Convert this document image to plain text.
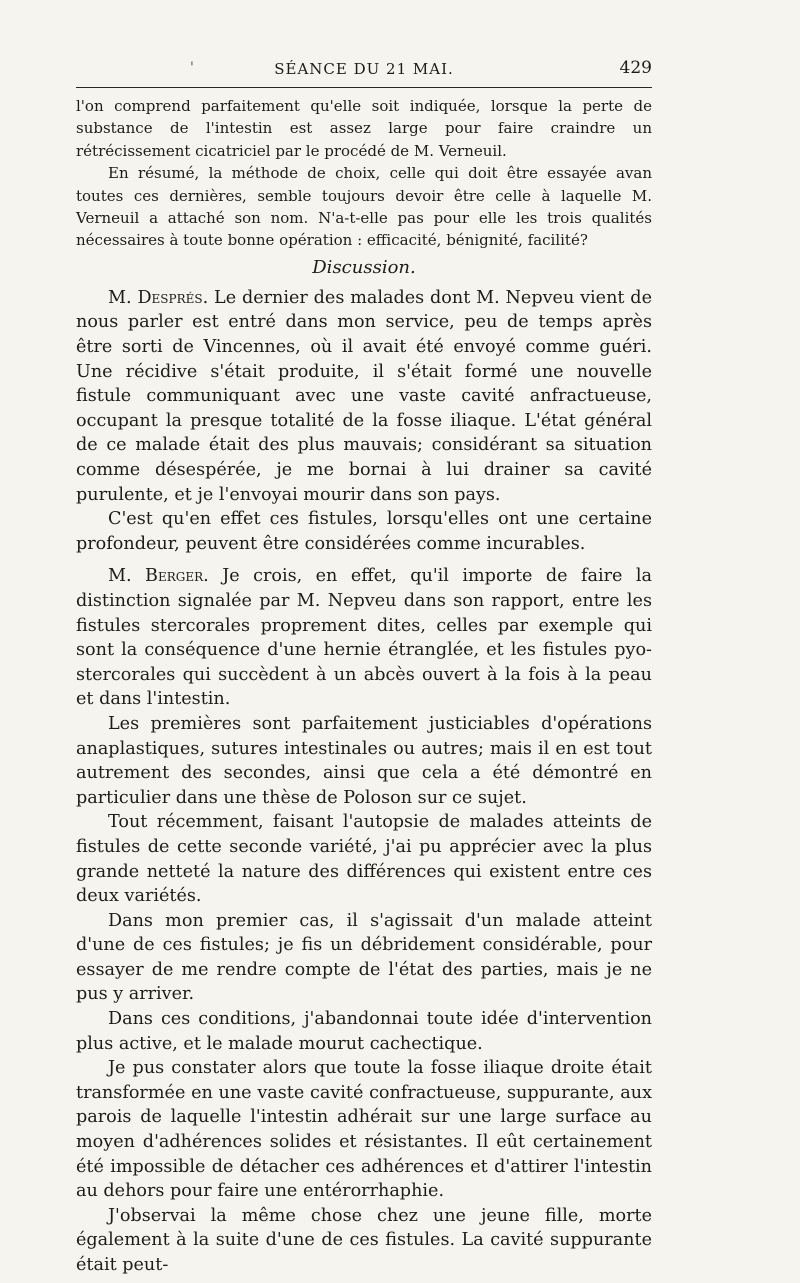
'	SÉANCE DU 21 MAI.	429

l'on comprend parfaitement qu'elle soit indiquée, lorsque la perte de substance de l'intestin est assez large pour faire craindre un rétrécissement cicatriciel par le procédé de M. Verneuil.

En résumé, la méthode de choix, celle qui doit être essayée avan toutes ces dernières, semble toujours devoir être celle à laquelle M. Verneuil a attaché son nom. N'a-t-elle pas pour elle les trois qualités nécessaires à toute bonne opération : efficacité, bénignité, facilité?

Discussion.

M. Després. Le dernier des malades dont M. Nepveu vient de nous parler est entré dans mon service, peu de temps après être sorti de Vincennes, où il avait été envoyé comme guéri. Une récidive s'était produite, il s'était formé une nouvelle fistule communiquant avec une vaste cavité anfractueuse, occupant la presque totalité de la fosse iliaque. L'état général de ce malade était des plus mauvais; considérant sa situation comme désespérée, je me bornai à lui drainer sa cavité purulente, et je l'envoyai mourir dans son pays.

C'est qu'en effet ces fistules, lorsqu'elles ont une certaine profondeur, peuvent être considérées comme incurables.

M. Berger. Je crois, en effet, qu'il importe de faire la distinction signalée par M. Nepveu dans son rapport, entre les fistules stercorales proprement dites, celles par exemple qui sont la conséquence d'une hernie étranglée, et les fistules pyo-stercorales qui succèdent à un abcès ouvert à la fois à la peau et dans l'intestin.

Les premières sont parfaitement justiciables d'opérations anaplastiques, sutures intestinales ou autres; mais il en est tout autrement des secondes, ainsi que cela a été démontré en particulier dans une thèse de Poloson sur ce sujet.

Tout récemment, faisant l'autopsie de malades atteints de fistules de cette seconde variété, j'ai pu apprécier avec la plus grande netteté la nature des différences qui existent entre ces deux variétés.

Dans mon premier cas, il s'agissait d'un malade atteint d'une de ces fistules; je fis un débridement considérable, pour essayer de me rendre compte de l'état des parties, mais je ne pus y arriver.

Dans ces conditions, j'abandonnai toute idée d'intervention plus active, et le malade mourut cachectique.

Je pus constater alors que toute la fosse iliaque droite était transformée en une vaste cavité confractueuse, suppurante, aux parois de laquelle l'intestin adhérait sur une large surface au moyen d'adhérences solides et résistantes. Il eût certainement été impossible de détacher ces adhérences et d'attirer l'intestin au dehors pour faire une entérorrhaphie.

J'observai la même chose chez une jeune fille, morte également à la suite d'une de ces fistules. La cavité suppurante était peut-
